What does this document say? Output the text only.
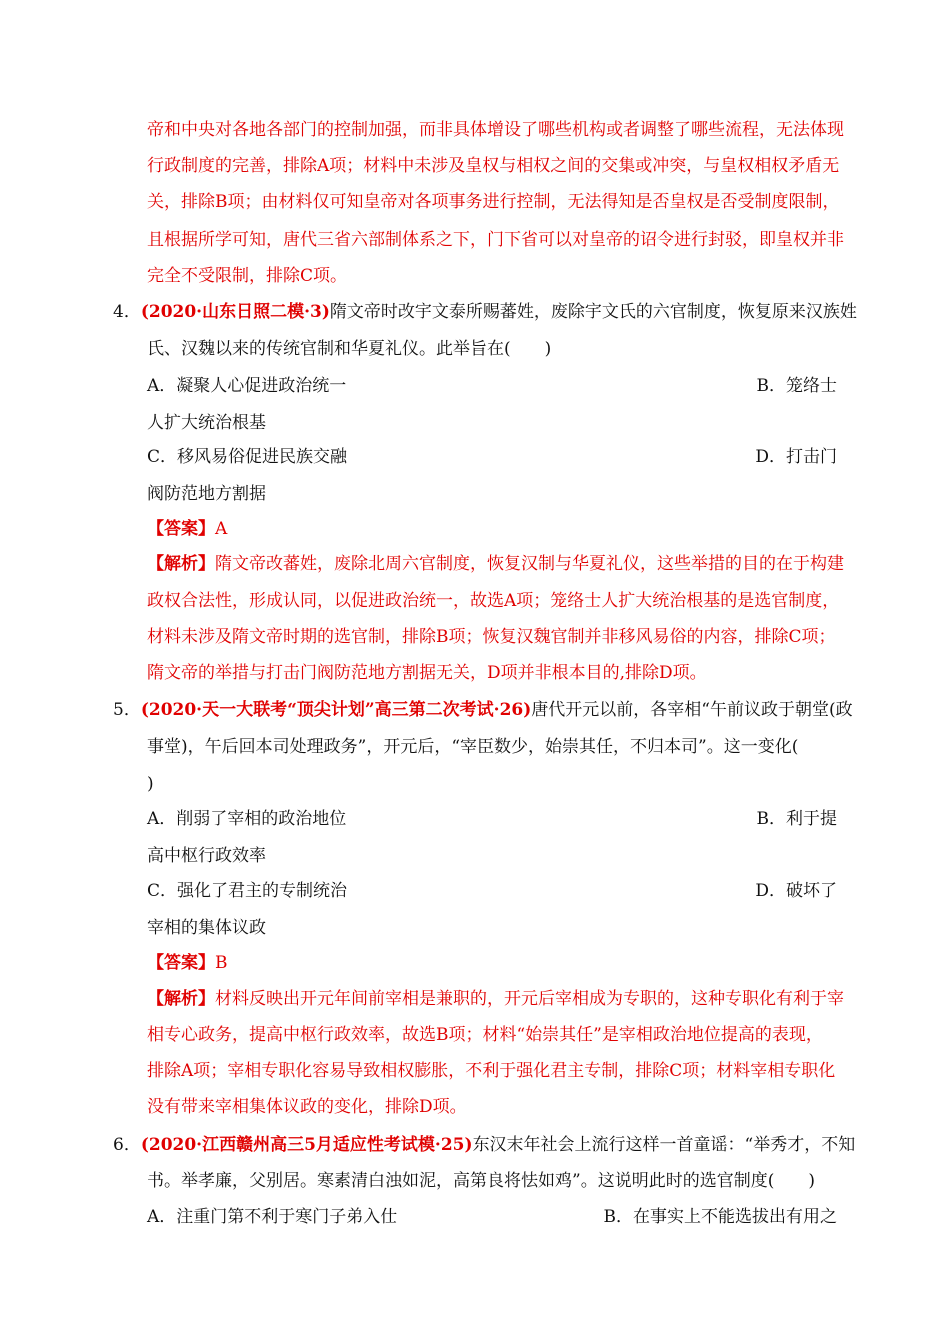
帝和中央对各地各部门的控制加强，而非具体增设了哪些机构或者调整了哪些流程，无法体现
行政制度的完善，排除A项；材料中未涉及皇权与相权之间的交集或冲突，与皇权相权矛盾无
关，排除B项；由材料仅可知皇帝对各项事务进行控制，无法得知是否皇权是否受制度限制，
且根据所学可知，唐代三省六部制体系之下，门下省可以对皇帝的诏令进行封驳，即皇权并非
完全不受限制，排除C项。
4．(2020·山东日照二模·3)隋文帝时改宇文泰所赐蕃姓，废除宇文氏的六官制度，恢复原来汉族姓
氏、汉魏以来的传统官制和华夏礼仪。此举旨在(　　)
A．凝聚人心促进政治统一	B．笼络士
人扩大统治根基
C．移风易俗促进民族交融	D．打击门
阀防范地方割据
【答案】A
【解析】隋文帝改蕃姓，废除北周六官制度，恢复汉制与华夏礼仪，这些举措的目的在于构建
政权合法性，形成认同，以促进政治统一，故选A项；笼络士人扩大统治根基的是选官制度，
材料未涉及隋文帝时期的选官制，排除B项；恢复汉魏官制并非移风易俗的内容，排除C项；
隋文帝的举措与打击门阀防范地方割据无关，D项并非根本目的,排除D项。
5．(2020·天一大联考“顶尖计划”高三第二次考试·26)唐代开元以前，各宰相“午前议政于朝堂(政
事堂)，午后回本司处理政务”，开元后，“宰臣数少，始崇其任，不归本司”。这一变化(
)
A．削弱了宰相的政治地位	B．利于提
高中枢行政效率
C．强化了君主的专制统治	D．破坏了
宰相的集体议政
【答案】B
【解析】材料反映出开元年间前宰相是兼职的，开元后宰相成为专职的，这种专职化有利于宰
相专心政务，提高中枢行政效率，故选B项；材料“始崇其任”是宰相政治地位提高的表现，
排除A项；宰相专职化容易导致相权膨胀，不利于强化君主专制，排除C项；材料宰相专职化
没有带来宰相集体议政的变化，排除D项。
6．(2020·江西赣州高三5月适应性考试模·25)东汉末年社会上流行这样一首童谣：“举秀才，不知
书。举孝廉，父别居。寒素清白浊如泥，高第良将怯如鸡”。这说明此时的选官制度(　　)
A．注重门第不利于寒门子弟入仕	B．在事实上不能选拔出有用之
